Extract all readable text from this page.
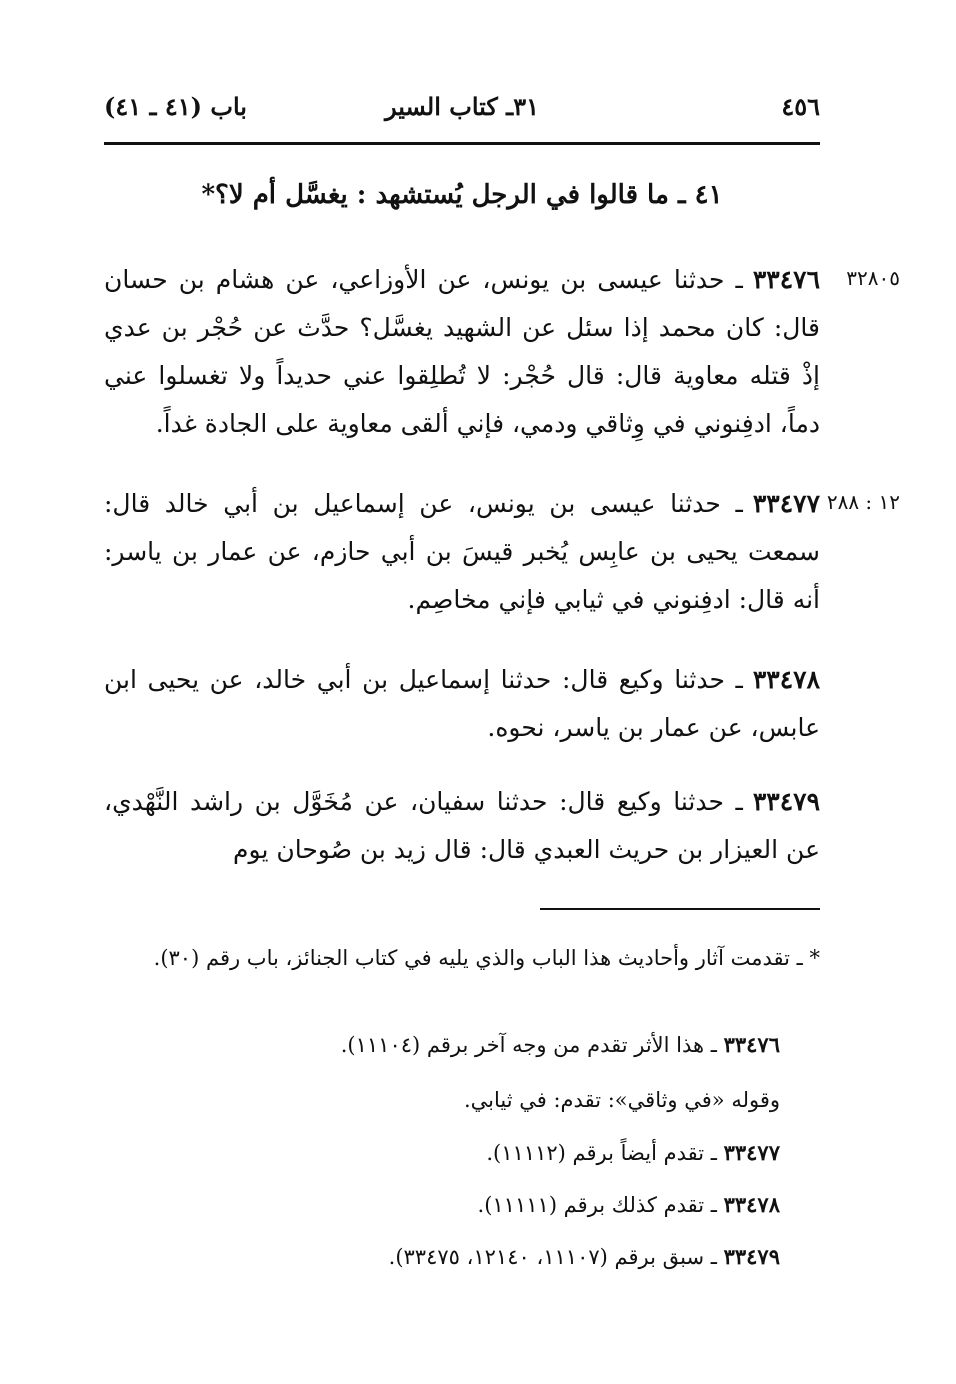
٤٥٦
٣١ـ كتاب السير
باب (٤١ ـ ٤١)
٤١ ـ ما قالوا في الرجل يُستشهد : يغسَّل أم لا؟*
٣٢٨٠٥
٣٣٤٧٦ـ حدثنا عيسى بن يونس، عن الأوزاعي، عن هشام بن حسان قال: كان محمد إذا سئل عن الشهيد يغسَّل؟ حدَّث عن حُجْر بن عدي إذْ قتله معاوية قال: قال حُجْر: لا تُطلِقوا عني حديداً ولا تغسلوا عني دماً، ادفِنوني في وِثاقي ودمي، فإني ألقى معاوية على الجادة غداً.
١٢ : ٢٨٨
٣٣٤٧٧ـ حدثنا عيسى بن يونس، عن إسماعيل بن أبي خالد قال: سمعت يحيى بن عابِس يُخبر قيسَ بن أبي حازم، عن عمار بن ياسر: أنه قال: ادفِنوني في ثيابي فإني مخاصِم.
٣٣٤٧٨ـ حدثنا وكيع قال: حدثنا إسماعيل بن أبي خالد، عن يحيى ابن عابس، عن عمار بن ياسر، نحوه.
٣٣٤٧٩ـ حدثنا وكيع قال: حدثنا سفيان، عن مُخَوَّل بن راشد النَّهْدي، عن العيزار بن حريث العبدي قال: قال زيد بن صُوحان يوم
* ـ تقدمت آثار وأحاديث هذا الباب والذي يليه في كتاب الجنائز، باب رقم (٣٠).
٣٣٤٧٦ ـ هذا الأثر تقدم من وجه آخر برقم (١١١٠٤).
وقوله «في وثاقي»: تقدم: في ثيابي.
٣٣٤٧٧ ـ تقدم أيضاً برقم (١١١١٢).
٣٣٤٧٨ ـ تقدم كذلك برقم (١١١١١).
٣٣٤٧٩ ـ سبق برقم (١١١٠٧، ١٢١٤٠، ٣٣٤٧٥).
